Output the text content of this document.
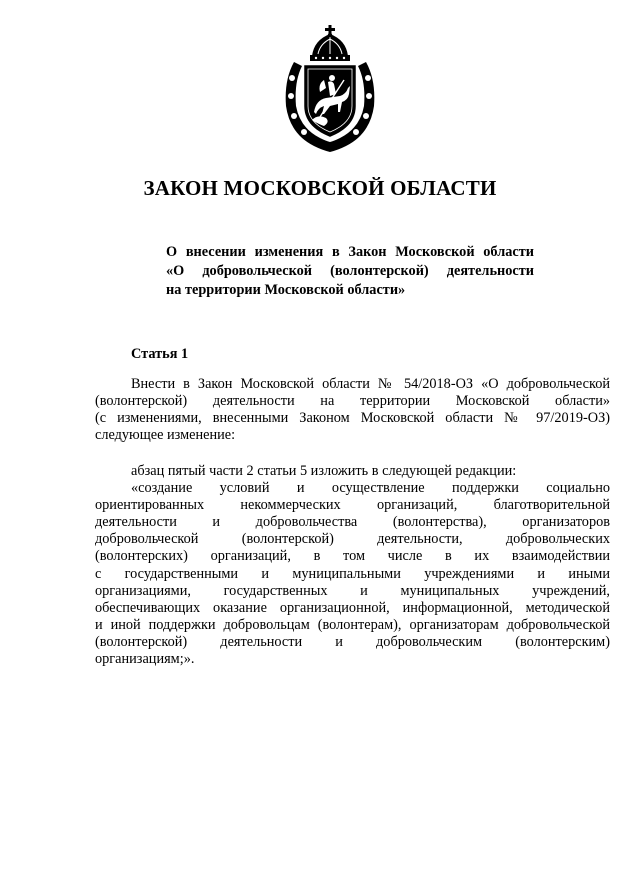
ЗАКОН МОСКОВСКОЙ ОБЛАСТИ
О внесении изменения в Закон Московской области
«О добровольческой (волонтерской) деятельности
на территории Московской области»
Статья 1
Внести в Закон Московской области № 54/2018-ОЗ «О добровольческой
(волонтерской) деятельности на территории Московской области»
(с изменениями, внесенными Законом Московской области № 97/2019-ОЗ)
следующее изменение:
абзац пятый части 2 статьи 5 изложить в следующей редакции:
«создание условий и осуществление поддержки социально
ориентированных некоммерческих организаций, благотворительной
деятельности и добровольчества (волонтерства), организаторов
добровольческой (волонтерской) деятельности, добровольческих
(волонтерских) организаций, в том числе в их взаимодействии
с государственными и муниципальными учреждениями и иными
организациями, государственных и муниципальных учреждений,
обеспечивающих оказание организационной, информационной, методической
и иной поддержки добровольцам (волонтерам), организаторам добровольческой
(волонтерской) деятельности и добровольческим (волонтерским)
организациям;».
